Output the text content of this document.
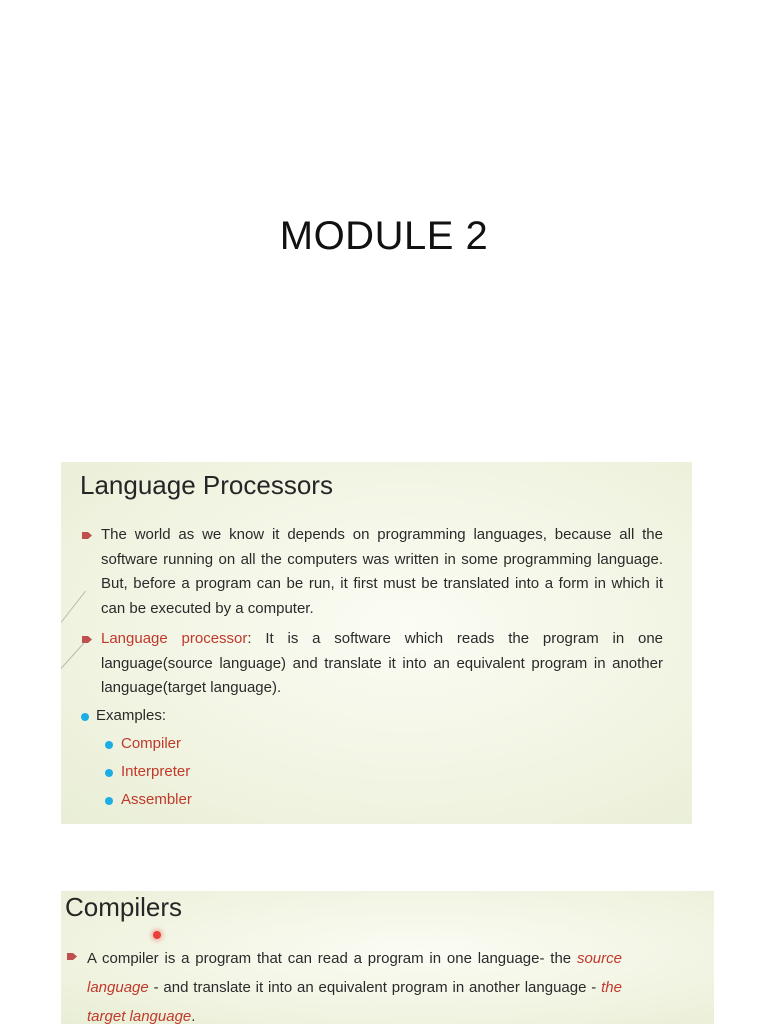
MODULE 2
Language Processors
The world as we know it depends on programming languages, because all the software running on all the computers was written in some programming language. But, before a program can be run, it first must be translated into a form in which it can be executed by a computer.
Language processor: It is a software which reads the program in one language(source language) and translate it into an equivalent program in another language(target language).
Examples:
Compiler
Interpreter
Assembler
Compilers
A compiler is a program that can read a program in one language- the source language - and translate it into an equivalent program in another language - the target language.
